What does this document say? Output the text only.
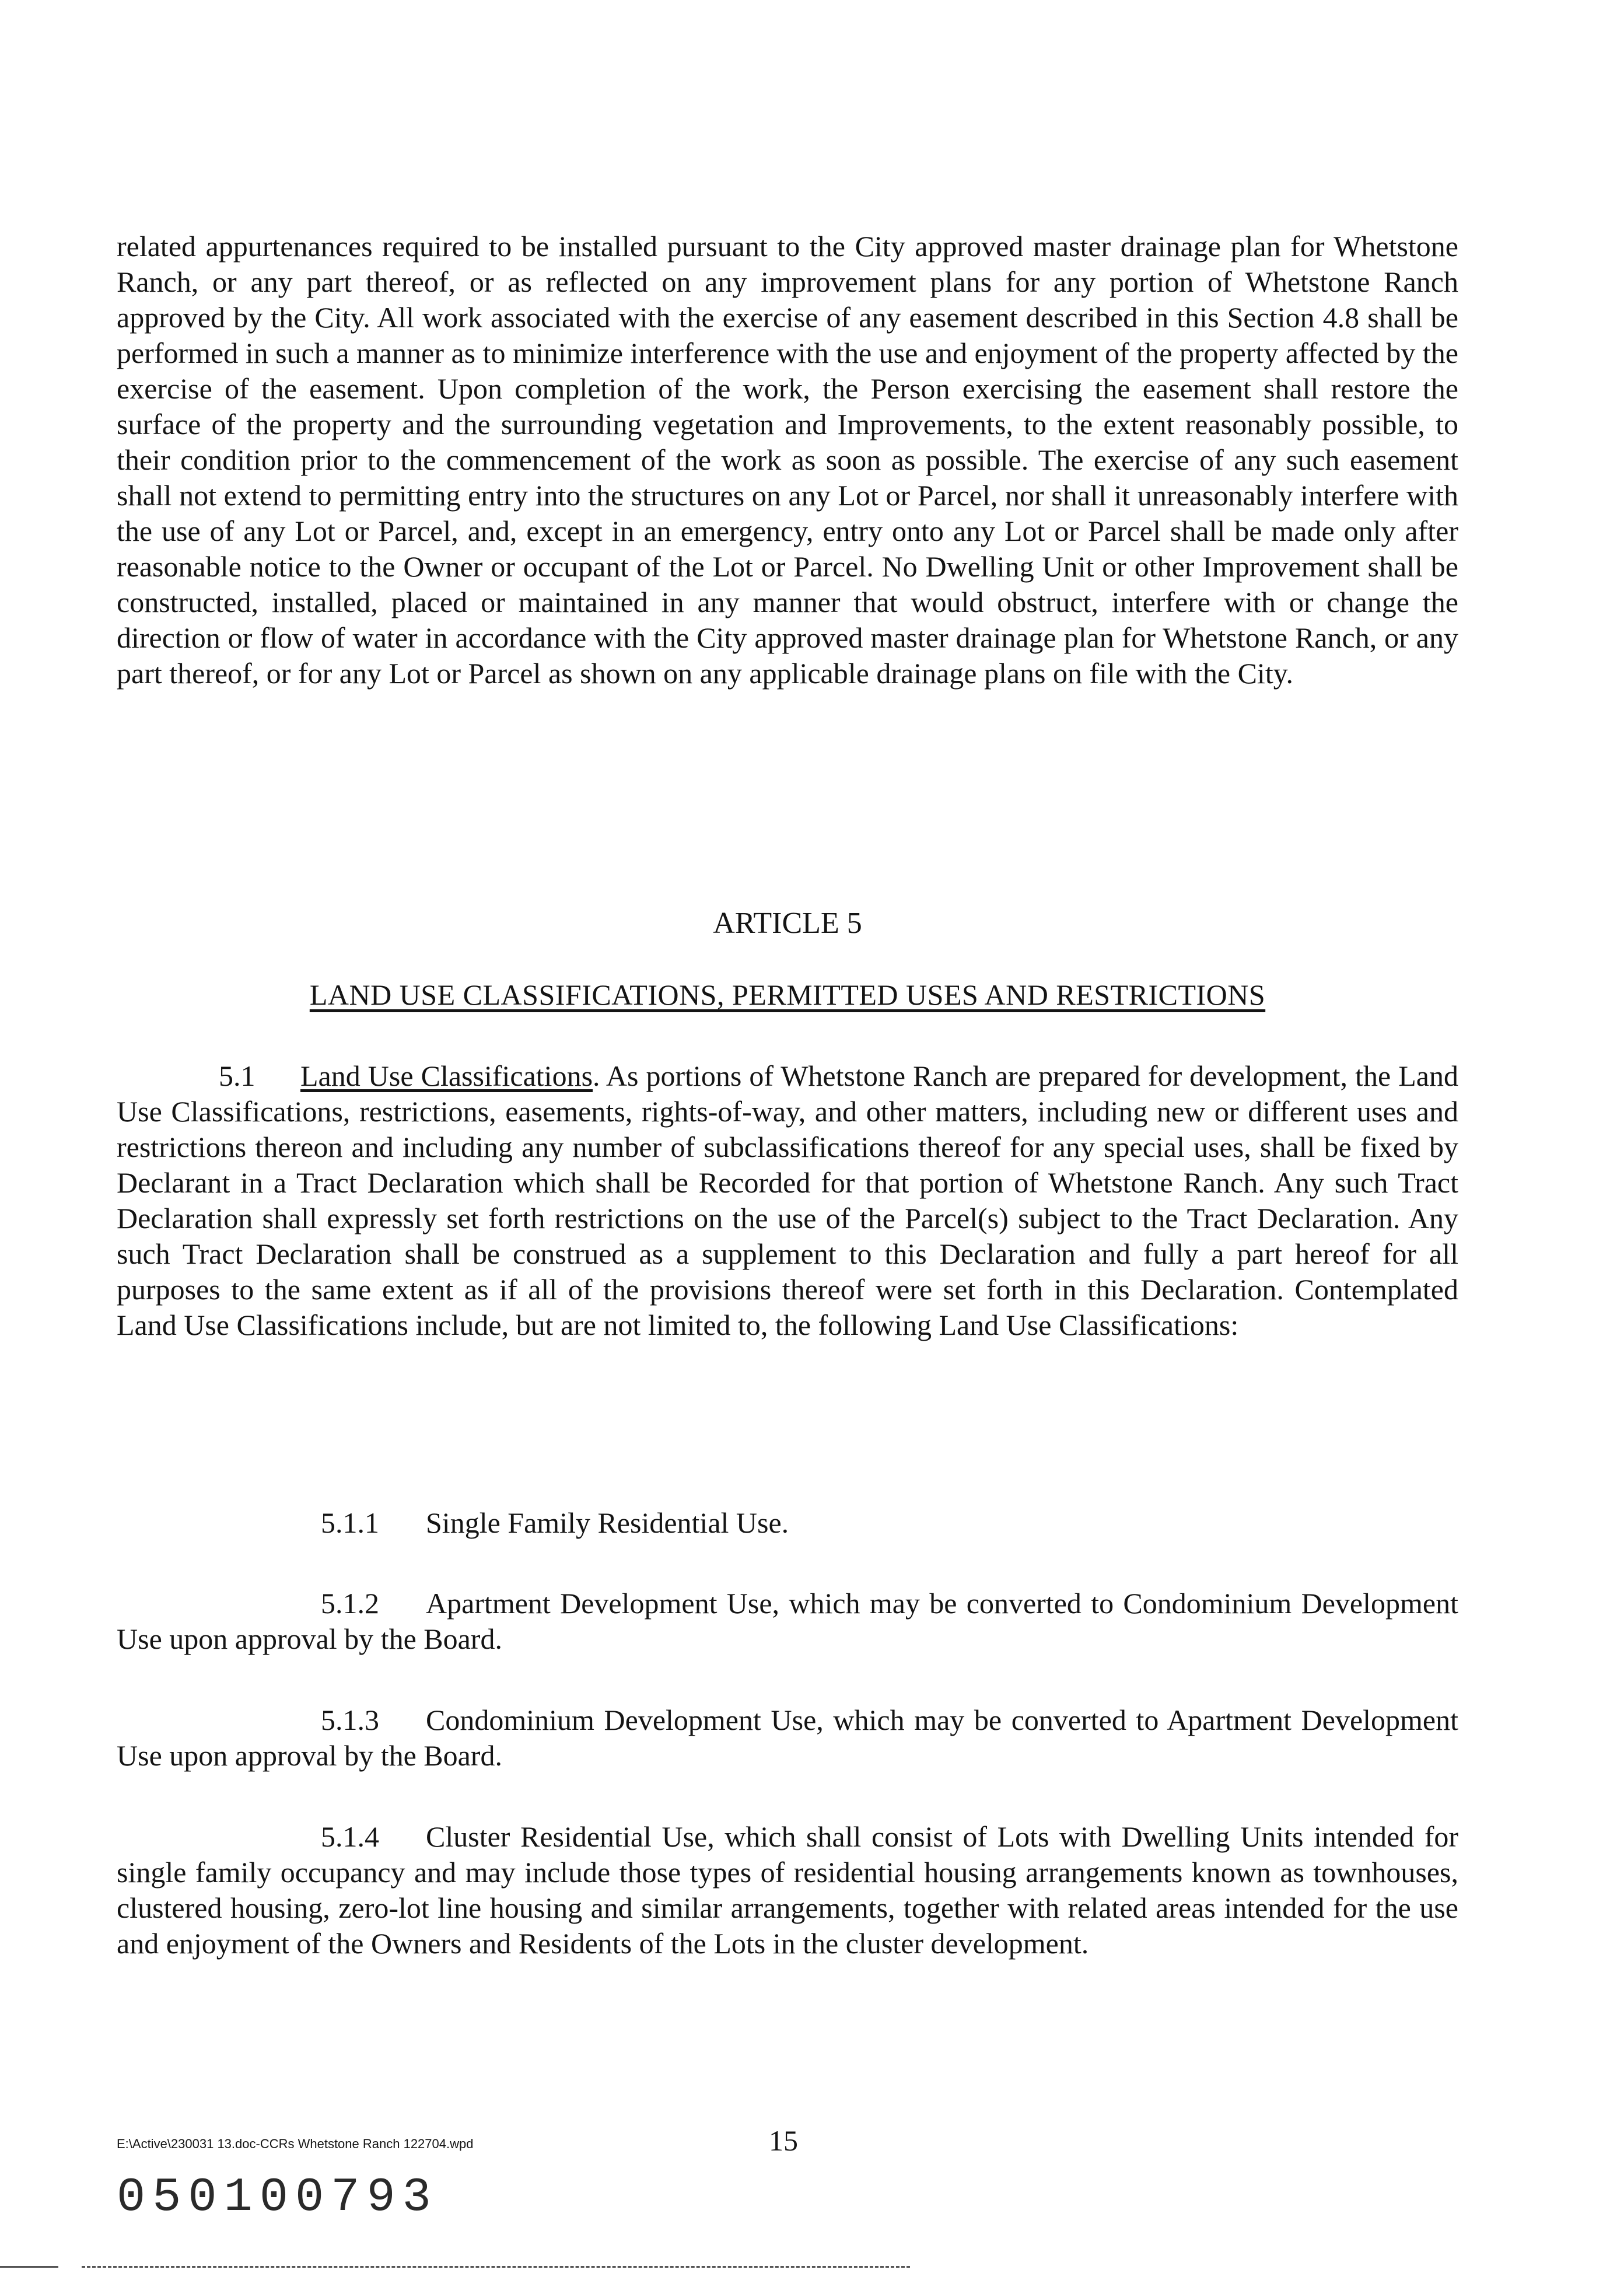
related appurtenances required to be installed pursuant to the City approved master drainage plan for Whetstone Ranch, or any part thereof, or as reflected on any improvement plans for any portion of Whetstone Ranch approved by the City. All work associated with the exercise of any easement described in this Section 4.8 shall be performed in such a manner as to minimize interference with the use and enjoyment of the property affected by the exercise of the easement. Upon completion of the work, the Person exercising the easement shall restore the surface of the property and the surrounding vegetation and Improvements, to the extent reasonably possible, to their condition prior to the commencement of the work as soon as possible. The exercise of any such easement shall not extend to permitting entry into the structures on any Lot or Parcel, nor shall it unreasonably interfere with the use of any Lot or Parcel, and, except in an emergency, entry onto any Lot or Parcel shall be made only after reasonable notice to the Owner or occupant of the Lot or Parcel. No Dwelling Unit or other Improvement shall be constructed, installed, placed or maintained in any manner that would obstruct, interfere with or change the direction or flow of water in accordance with the City approved master drainage plan for Whetstone Ranch, or any part thereof, or for any Lot or Parcel as shown on any applicable drainage plans on file with the City.

ARTICLE 5

LAND USE CLASSIFICATIONS, PERMITTED USES AND RESTRICTIONS

5.1 Land Use Classifications. As portions of Whetstone Ranch are prepared for development, the Land Use Classifications, restrictions, easements, rights-of-way, and other matters, including new or different uses and restrictions thereon and including any number of subclassifications thereof for any special uses, shall be fixed by Declarant in a Tract Declaration which shall be Recorded for that portion of Whetstone Ranch. Any such Tract Declaration shall expressly set forth restrictions on the use of the Parcel(s) subject to the Tract Declaration. Any such Tract Declaration shall be construed as a supplement to this Declaration and fully a part hereof for all purposes to the same extent as if all of the provisions thereof were set forth in this Declaration. Contemplated Land Use Classifications include, but are not limited to, the following Land Use Classifications:

5.1.1 Single Family Residential Use.

5.1.2 Apartment Development Use, which may be converted to Condominium Development Use upon approval by the Board.

5.1.3 Condominium Development Use, which may be converted to Apartment Development Use upon approval by the Board.

5.1.4 Cluster Residential Use, which shall consist of Lots with Dwelling Units intended for single family occupancy and may include those types of residential housing arrangements known as townhouses, clustered housing, zero-lot line housing and similar arrangements, together with related areas intended for the use and enjoyment of the Owners and Residents of the Lots in the cluster development.

E:\Active\230031 13.doc-CCRs Whetstone Ranch 122704.wpd	15
050100793
